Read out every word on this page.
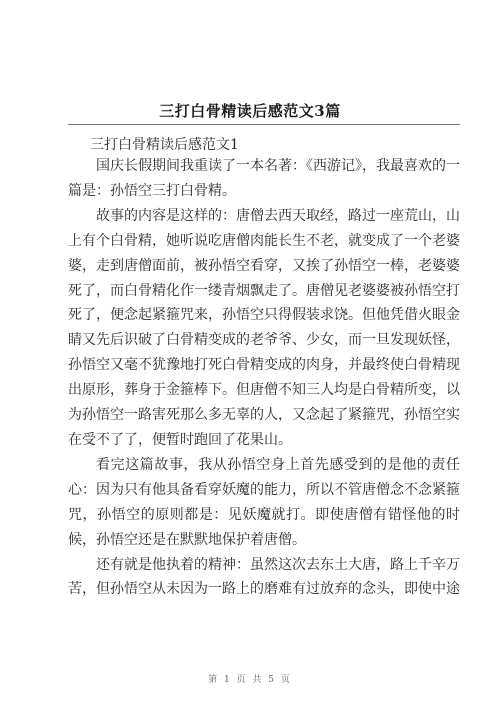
三打白骨精读后感范文3篇
三打白骨精读后感范文1

国庆长假期间我重读了一本名著：《西游记》，我最喜欢的一篇是：孙悟空三打白骨精。

故事的内容是这样的：唐僧去西天取经，路过一座荒山，山上有个白骨精，她听说吃唐僧肉能长生不老，就变成了一个老婆婆，走到唐僧面前，被孙悟空看穿，又挨了孙悟空一棒，老婆婆死了，而白骨精化作一缕青烟飘走了。唐僧见老婆婆被孙悟空打死了，便念起紧箍咒来，孙悟空只得假装求饶。但他凭借火眼金睛又先后识破了白骨精变成的老爷爷、少女，而一旦发现妖怪，孙悟空又毫不犹豫地打死白骨精变成的肉身，并最终使白骨精现出原形，葬身于金箍棒下。但唐僧不知三人均是白骨精所变，以为孙悟空一路害死那么多无辜的人，又念起了紧箍咒，孙悟空实在受不了了，便暂时跑回了花果山。

看完这篇故事，我从孙悟空身上首先感受到的是他的责任心：因为只有他具备看穿妖魔的能力，所以不管唐僧念不念紧箍咒，孙悟空的原则都是：见妖魔就打。即使唐僧有错怪他的时候，孙悟空还是在默默地保护着唐僧。

还有就是他执着的精神：虽然这次去东土大唐，路上千辛万苦，但孙悟空从未因为一路上的磨难有过放弃的念头，即使中途

第 1 页 共 5 页
